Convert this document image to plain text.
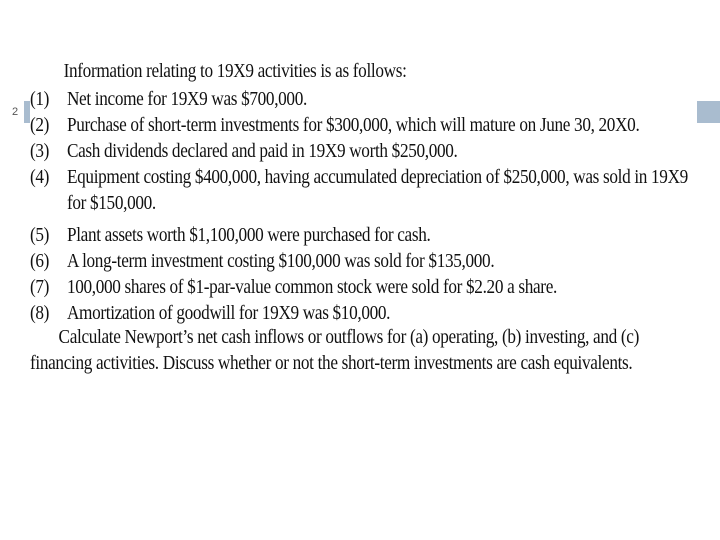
2
Information relating to 19X9 activities is as follows:
(1) Net income for 19X9 was $700,000.
(2) Purchase of short-term investments for $300,000, which will mature on June 30, 20X0.
(3) Cash dividends declared and paid in 19X9 worth $250,000.
(4) Equipment costing $400,000, having accumulated depreciation of $250,000, was sold in 19X9 for $150,000.
(5) Plant assets worth $1,100,000 were purchased for cash.
(6) A long-term investment costing $100,000 was sold for $135,000.
(7) 100,000 shares of $1-par-value common stock were sold for $2.20 a share.
(8) Amortization of goodwill for 19X9 was $10,000.

Calculate Newport’s net cash inflows or outflows for (a) operating, (b) investing, and (c) financing activities. Discuss whether or not the short-term investments are cash equivalents.
